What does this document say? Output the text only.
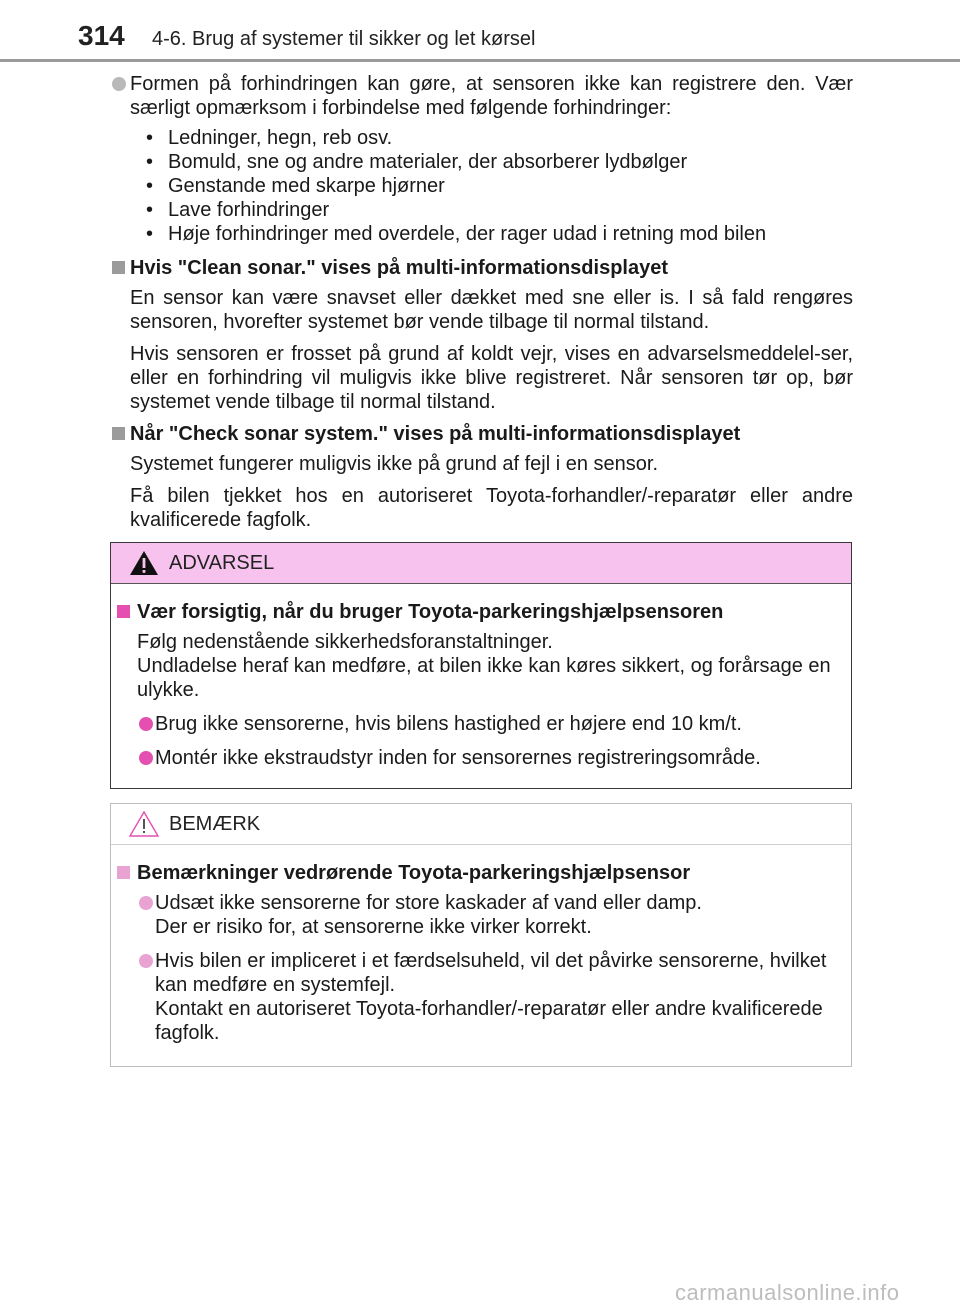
314 4-6. Brug af systemer til sikker og let kørsel
Formen på forhindringen kan gøre, at sensoren ikke kan registrere den. Vær særligt opmærksom i forbindelse med følgende forhindringer:
• Ledninger, hegn, reb osv.
• Bomuld, sne og andre materialer, der absorberer lydbølger
• Genstande med skarpe hjørner
• Lave forhindringer
• Høje forhindringer med overdele, der rager udad i retning mod bilen
Hvis "Clean sonar." vises på multi-informationsdisplayet

En sensor kan være snavset eller dækket med sne eller is. I så fald rengøres sensoren, hvorefter systemet bør vende tilbage til normal tilstand.

Hvis sensoren er frosset på grund af koldt vejr, vises en advarselsmeddelel-ser, eller en forhindring vil muligvis ikke blive registreret. Når sensoren tør op, bør systemet vende tilbage til normal tilstand.

Når "Check sonar system." vises på multi-informationsdisplayet

Systemet fungerer muligvis ikke på grund af fejl i en sensor.

Få bilen tjekket hos en autoriseret Toyota-forhandler/-reparatør eller andre kvalificerede fagfolk.

ADVARSEL
Vær forsigtig, når du bruger Toyota-parkeringshjælpsensoren

Følg nedenstående sikkerhedsforanstaltninger.
Undladelse heraf kan medføre, at bilen ikke kan køres sikkert, og forårsage en ulykke.

Brug ikke sensorerne, hvis bilens hastighed er højere end 10 km/t.
Montér ikke ekstraudstyr inden for sensorernes registreringsområde.
BEMÆRK
Bemærkninger vedrørende Toyota-parkeringshjælpsensor
Udsæt ikke sensorerne for store kaskader af vand eller damp.
Der er risiko for, at sensorerne ikke virker korrekt.
Hvis bilen er impliceret i et færdselsuheld, vil det påvirke sensorerne, hvilket kan medføre en systemfejl.
Kontakt en autoriseret Toyota-forhandler/-reparatør eller andre kvalificerede fagfolk.
carmanualsonline.info
